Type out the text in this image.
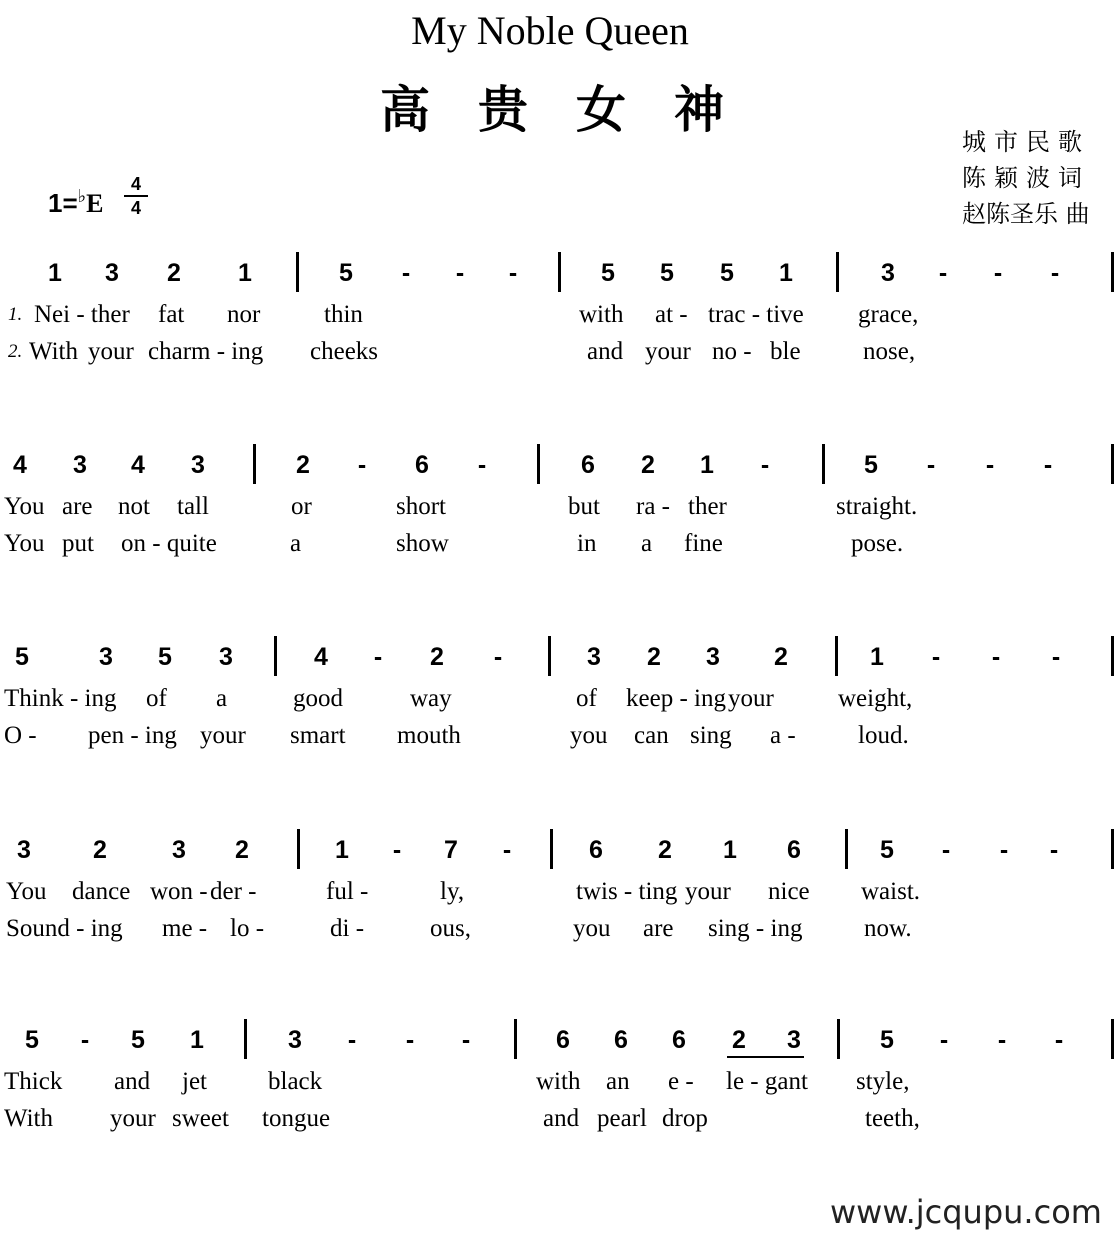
My Noble Queen
高贵女神
城市民歌
陈颖波词
赵陈圣乐 曲
1=♭E
4
4
1 3 2 1	5	-	-	-	5 5 5 1	3	-	-	-
1. Nei - ther fat nor	thin	with at - trac - tive grace,
2. With your charm - ing cheeks	and your no - ble nose,
4 3 4 3	2	-	6	-	6 2 1	-	5	-	-	-
You are not tall	or	short	but ra - ther	straight.
You put on - quite	a	show	in a fine	pose.
5	3 5 3	4	-	2	-	3 2 3 2	1	-	-	-
Think - ing of a	good	way	of keep - ing your	weight,
O - pen - ing your smart mouth	you can sing a - loud.
3 2	3 2	1	-	7	-	6 2 1 6	5	-	-	-
You dance won - der -	ful -	ly,	twis - ting your nice waist.
Sound - ing me - lo -	di -	ous,	you are sing - ing now.
5	-	5 1	3	-	-	-	6 6 6 2 3	5	-	-	-
Thick and jet black	with an e - le - gant style,
With your sweet tongue	and pearl drop	teeth,
www.jcqupu.com
